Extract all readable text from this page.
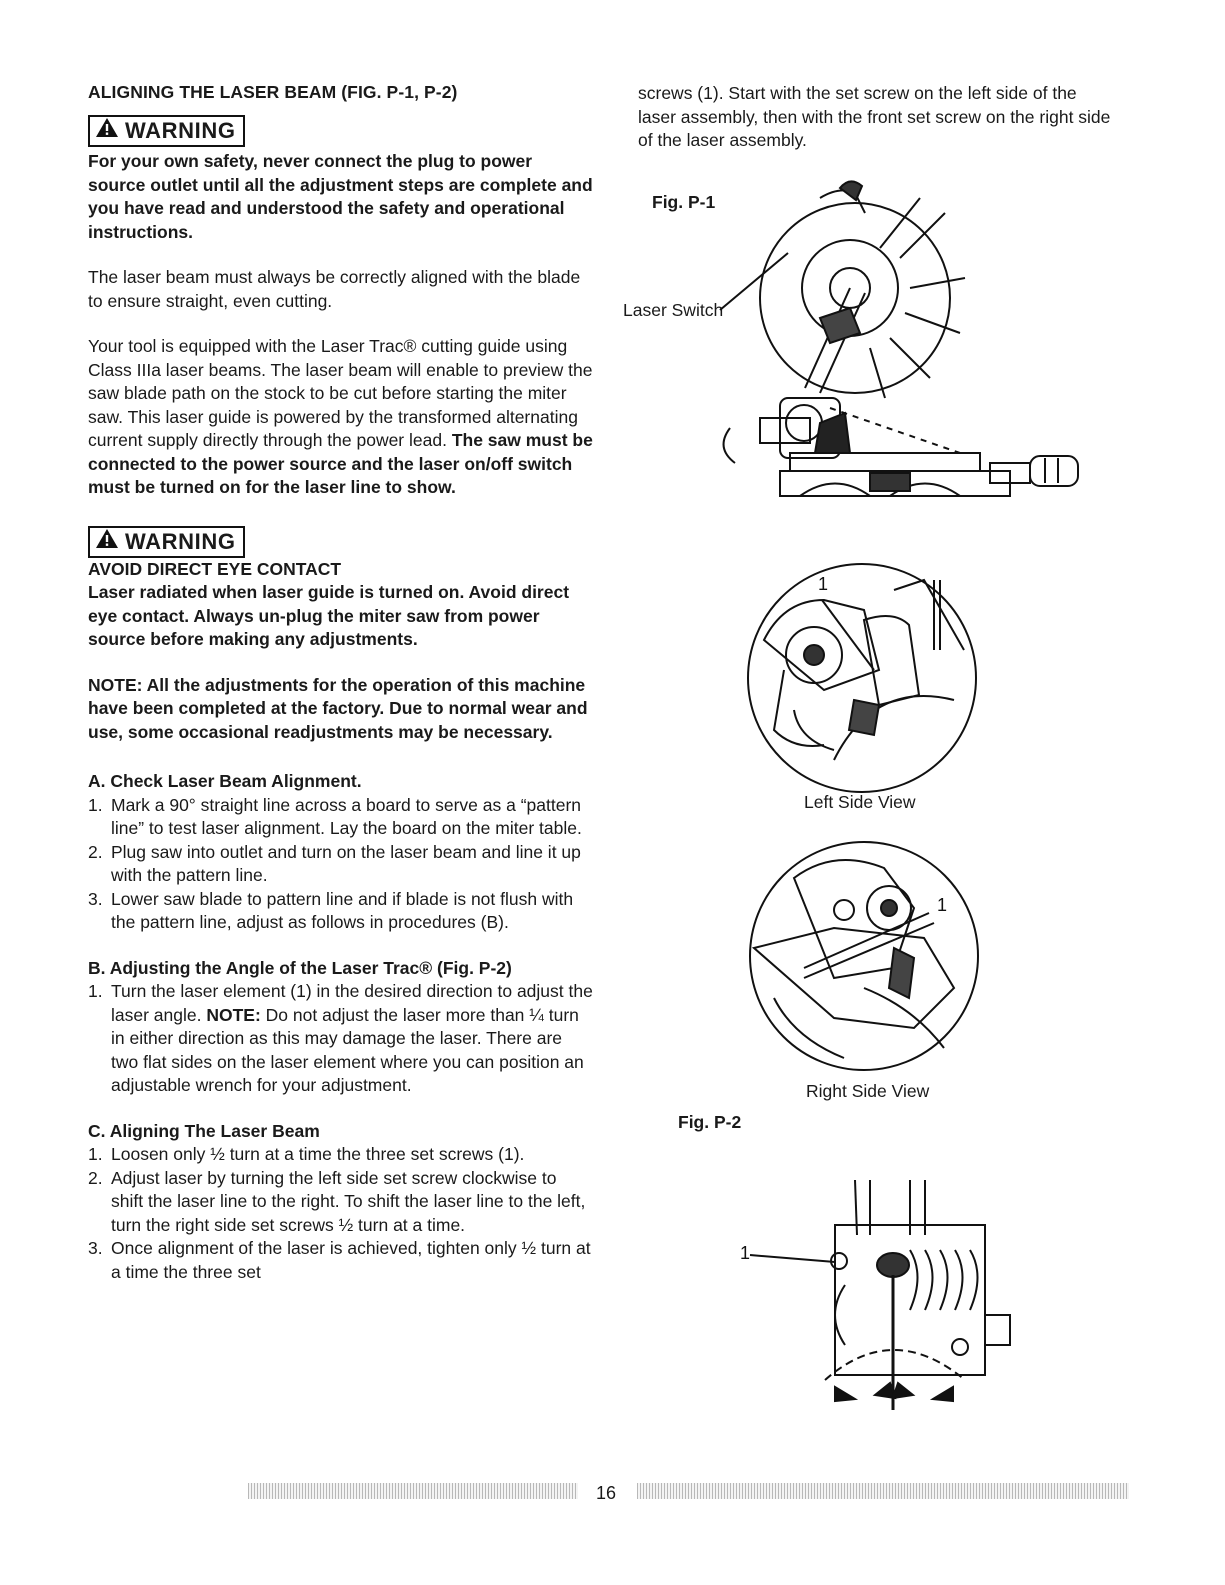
ALIGNING THE LASER BEAM (FIG. P-1, P-2)
WARNING

For your own safety, never connect the plug to power source outlet until all the adjustment steps are complete and you have read and understood the safety and operational instructions.

The laser beam must always be correctly aligned with the blade to ensure straight, even cutting.

Your tool is equipped with the Laser Trac® cutting guide using Class IIIa laser beams. The laser beam will enable to preview the saw blade path on the stock to be cut before starting the miter saw. This laser guide is powered by the transformed alternating current supply directly through the power lead. The saw must be connected to the power source and the laser on/off switch must be turned on for the laser line to show.

WARNING
AVOID DIRECT EYE CONTACT

Laser radiated when laser guide is turned on. Avoid direct eye contact. Always un-plug the miter saw from power source before making any adjustments.

NOTE: All the adjustments for the operation of this machine have been completed at the factory. Due to normal wear and use, some occasional readjustments may be necessary.

A. Check Laser Beam Alignment.
1. Mark a 90° straight line across a board to serve as a “pattern line” to test laser alignment. Lay the board on the miter table.
2. Plug saw into outlet and turn on the laser beam and line it up with the pattern line.
3. Lower saw blade to pattern line and if blade is not flush with the pattern line, adjust as follows in procedures (B).
B. Adjusting the Angle of the Laser Trac® (Fig. P-2)
1. Turn the laser element (1) in the desired direction to adjust the laser angle. NOTE: Do not adjust the laser more than ¼ turn in either direction as this may damage the laser. There are two flat sides on the laser element where you can position an adjustable wrench for your adjustment.
C. Aligning The Laser Beam
1. Loosen only ½ turn at a time the three set screws (1).
2. Adjust laser by turning the left side set screw clockwise to shift the laser line to the right. To shift the laser line to the left, turn the right side set screws ½ turn at a time.
3. Once alignment of the laser is achieved, tighten only ½ turn at a time the three set

screws (1). Start with the set screw on the left side of the laser assembly, then with the front set screw on the right side of the laser assembly.

Fig. P-1
Laser Switch
1
Left Side View
1
Right Side View
Fig. P-2
1
16
